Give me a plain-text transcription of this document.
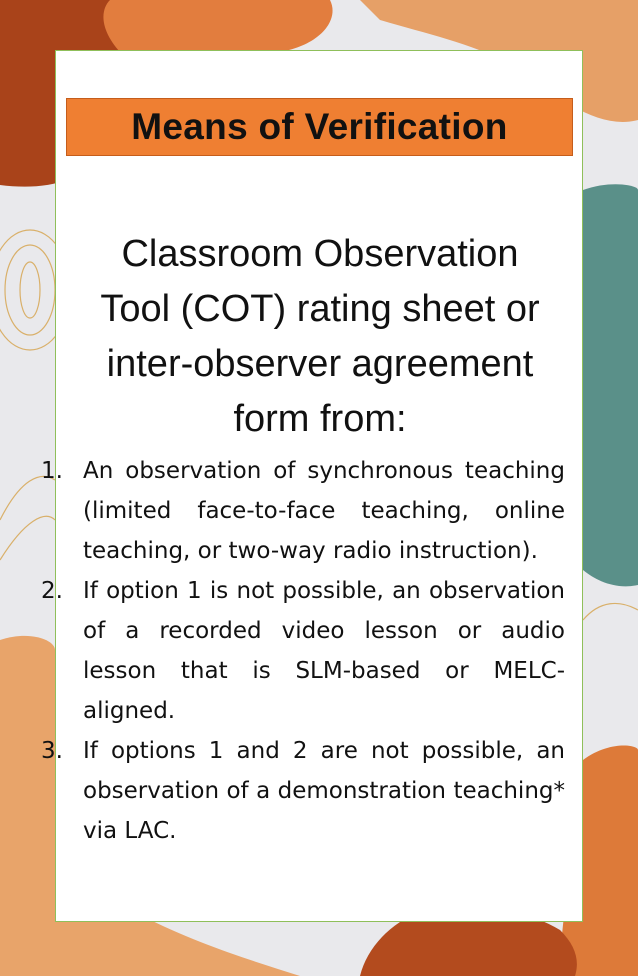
Means of Verification
Classroom Observation
Tool (COT) rating sheet or
inter-observer agreement
form from:
1. An observation of synchronous teaching (limited face-to-face teaching, online teaching, or two-way radio instruction).
2. If option 1 is not possible, an observation of a recorded video lesson or audio lesson that is SLM-based or MELC-aligned.
3. If options 1 and 2 are not possible, an observation of a demonstration teaching* via LAC.
